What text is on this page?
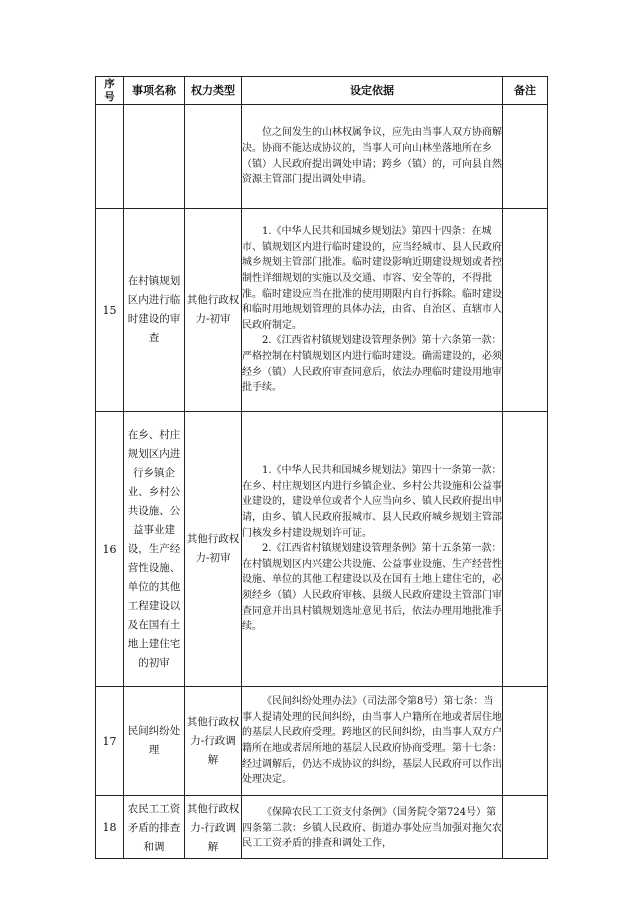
序号	事项名称	权力类型	设定依据	备注

			位之间发生的山林权属争议，应先由当事人双方协商解决。协商不能达成协议的，当事人可向山林坐落地所在乡（镇）人民政府提出调处申请；跨乡（镇）的，可向县自然资源主管部门提出调处申请。	

15	在村镇规划区内进行临时建设的审查	其他行政权力-初审	1.《中华人民共和国城乡规划法》第四十四条：在城市、镇规划区内进行临时建设的，应当经城市、县人民政府城乡规划主管部门批准。临时建设影响近期建设规划或者控制性详细规划的实施以及交通、市容、安全等的，不得批准。临时建设应当在批准的使用期限内自行拆除。临时建设和临时用地规划管理的具体办法，由省、自治区、直辖市人民政府制定。
2.《江西省村镇规划建设管理条例》第十六条第一款：严格控制在村镇规划区内进行临时建设。确需建设的，必须经乡（镇）人民政府审查同意后，依法办理临时建设用地审批手续。	

16	在乡、村庄规划区内进行乡镇企业、乡村公共设施、公益事业建设，生产经营性设施、单位的其他工程建设以及在国有土地上建住宅的初审	其他行政权力-初审	1.《中华人民共和国城乡规划法》第四十一条第一款：在乡、村庄规划区内进行乡镇企业、乡村公共设施和公益事业建设的，建设单位或者个人应当向乡、镇人民政府提出申请，由乡、镇人民政府报城市、县人民政府城乡规划主管部门核发乡村建设规划许可证。
2.《江西省村镇规划建设管理条例》第十五条第一款：在村镇规划区内兴建公共设施、公益事业设施、生产经营性设施、单位的其他工程建设以及在国有土地上建住宅的，必须经乡（镇）人民政府审核、县级人民政府建设主管部门审查同意并出具村镇规划选址意见书后，依法办理用地批准手续。	

17	民间纠纷处理	其他行政权力-行政调解	《民间纠纷处理办法》（司法部令第8号）第七条：当事人提请处理的民间纠纷，由当事人户籍所在地或者居住地的基层人民政府受理。跨地区的民间纠纷，由当事人双方户籍所在地或者居所地的基层人民政府协商受理。第十七条：经过调解后，仍达不成协议的纠纷，基层人民政府可以作出处理决定。	

18	农民工工资矛盾的排查和调	其他行政权力-行政调解	《保障农民工工资支付条例》（国务院令第724号）第四条第二款：乡镇人民政府、街道办事处应当加强对拖欠农民工工资矛盾的排查和调处工作，	
